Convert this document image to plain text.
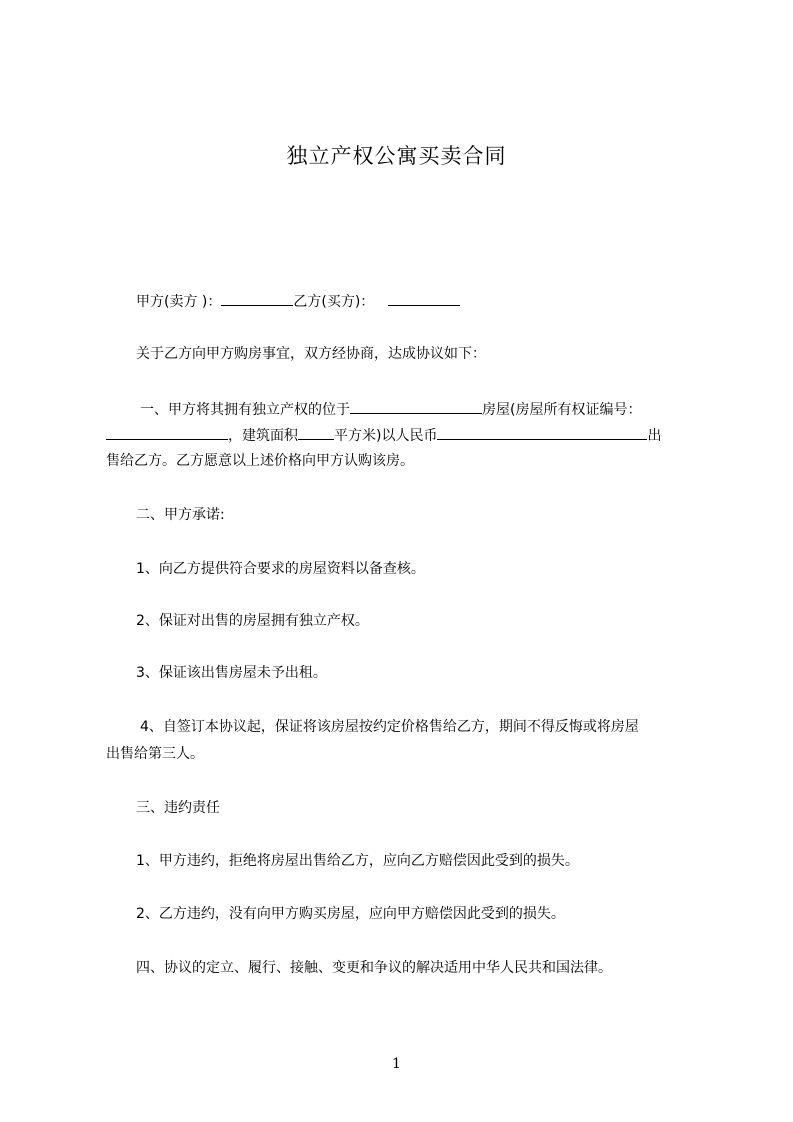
独立产权公寓买卖合同
甲方(卖方 )：	乙方(买方)：
关于乙方向甲方购房事宜，双方经协商，达成协议如下：
一、甲方将其拥有独立产权的位于	房屋(房屋所有权证编号：
，建筑面积	平方米)以人民币	出
售给乙方。乙方愿意以上述价格向甲方认购该房。
二、甲方承诺:
1、向乙方提供符合要求的房屋资料以备查核。
2、保证对出售的房屋拥有独立产权。
3、保证该出售房屋未予出租。
4、自签订本协议起，保证将该房屋按约定价格售给乙方，期间不得反悔或将房屋
出售给第三人。
三、违约责任
1、甲方违约，拒绝将房屋出售给乙方，应向乙方赔偿因此受到的损失。
2、乙方违约，没有向甲方购买房屋，应向甲方赔偿因此受到的损失。
四、协议的定立、履行、接触、变更和争议的解决适用中华人民共和国法律。
1
